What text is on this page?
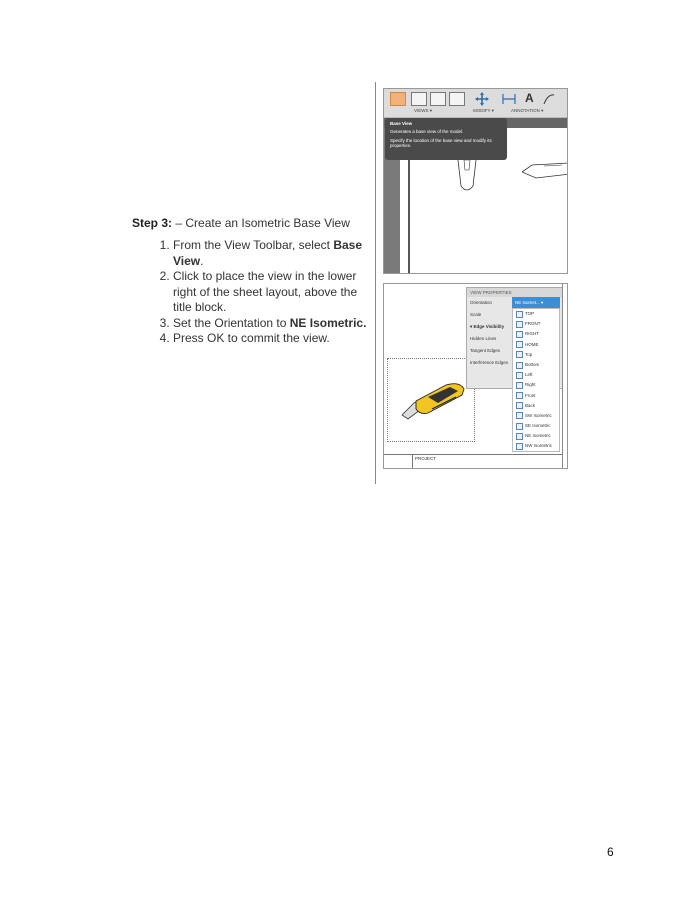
Step 3: – Create an Isometric Base View

1. From the View Toolbar, select Base View.
2. Click to place the view in the lower right of the sheet layout, above the title block.
3. Set the Orientation to NE Isometric.
4. Press OK to commit the view.
A
VIEWS ▾	MODIFY ▾	ANNOTATION ▾
Base View

Generates a base view of the model.

Specify the location of the base view and modify its properties.

VIEW PROPERTIES
Orientation
Scale
▾ Edge Visibility
Hidden Lines
Tangent Edges
Interference Edges
NE Isomet... ▾
TOP
FRONT
RIGHT
HOME
Top
Bottom
Left
Right
Front
Back
SW Isometric
SE Isometric
NE Isometric
NW Isometric
PROJECT
6
